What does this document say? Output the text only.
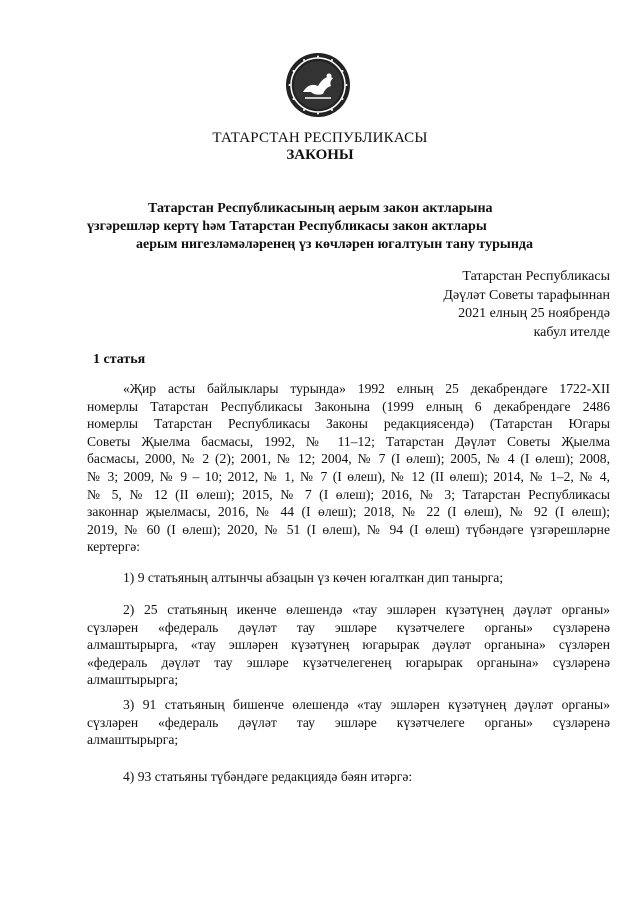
ТАТАРСТАН РЕСПУБЛИКАСЫ
ЗАКОНЫ
Татарстан Республикасының аерым закон актларына
үзгәрешләр кертү һәм Татарстан Республикасы закон актлары
аерым нигезләмәләренең үз көчләрен югалтуын тану турында
Татарстан Республикасы
Дәүләт Советы тарафыннан
2021 елның 25 ноябрендә
кабул ителде
1 статья
«Җир асты байлыклары турында» 1992 елның 25 декабрендәге 1722-XII
номерлы Татарстан Республикасы Законына (1999 елның 6 декабрендәге 2486
номерлы Татарстан Республикасы Законы редакциясендә) (Татарстан Югары
Советы Җыелма басмасы, 1992, № 11–12; Татарстан Дәүләт Советы Җыелма
басмасы, 2000, № 2 (2); 2001, № 12; 2004, № 7 (I өлеш); 2005, № 4 (I өлеш); 2008,
№ 3; 2009, № 9 – 10; 2012, № 1, № 7 (I өлеш), № 12 (II өлеш); 2014, № 1–2, № 4,
№ 5, № 12 (II өлеш); 2015, № 7 (I өлеш); 2016, № 3; Татарстан Республикасы
законнар җыелмасы, 2016, № 44 (I өлеш); 2018, № 22 (I өлеш), № 92 (I өлеш);
2019, № 60 (I өлеш); 2020, № 51 (I өлеш), № 94 (I өлеш) түбәндәге үзгәрешләрне
кертергә:
1) 9 статьяның алтынчы абзацын үз көчен югалткан дип танырга;
2) 25 статьяның икенче өлешендә «тау эшләрен күзәтүнең дәүләт органы»
сүзләрен «федераль дәүләт тау эшләре күзәтчелеге органы» сүзләренә
алмаштырырга, «тау эшләрен күзәтүнең югарырак дәүләт органына» сүзләрен
«федераль дәүләт тау эшләре күзәтчелегенең югарырак органына» сүзләренә
алмаштырырга;
3) 91 статьяның бишенче өлешендә «тау эшләрен күзәтүнең дәүләт органы»
сүзләрен «федераль дәүләт тау эшләре күзәтчелеге органы» сүзләренә
алмаштырырга;
4) 93 статьяны түбәндәге редакциядә бәян итәргә:
